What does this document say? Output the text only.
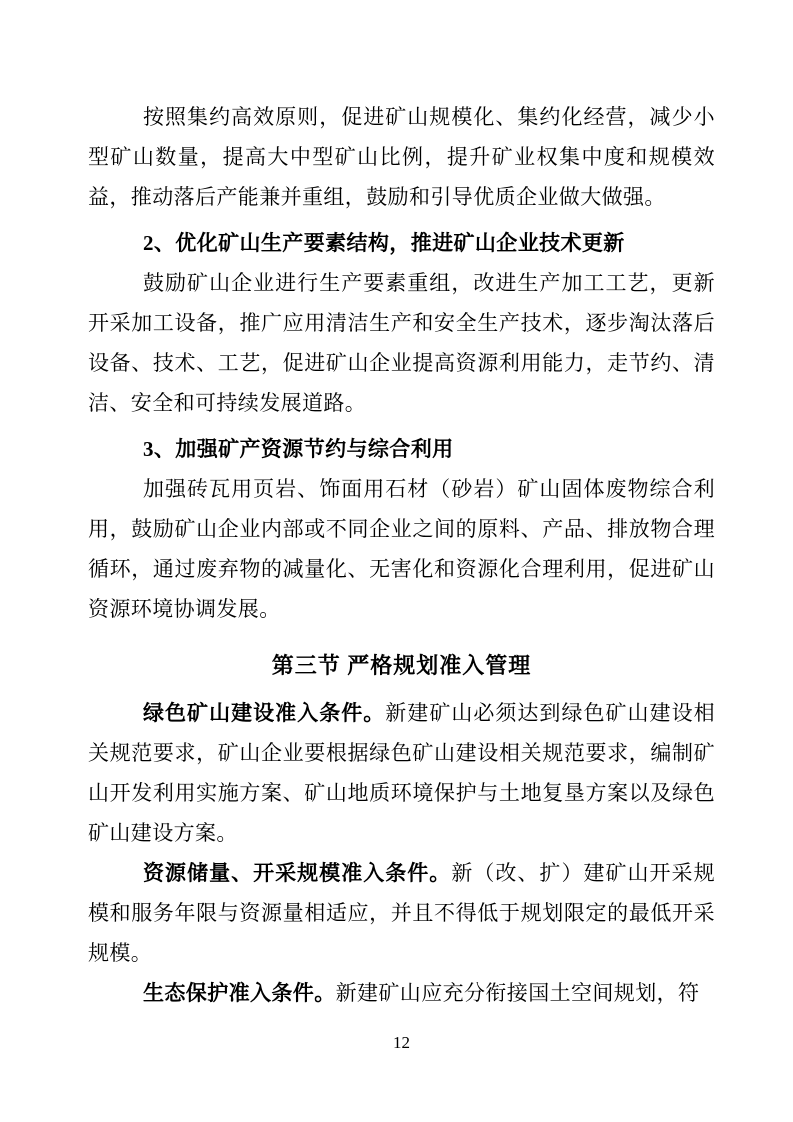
按照集约高效原则，促进矿山规模化、集约化经营，减少小型矿山数量，提高大中型矿山比例，提升矿业权集中度和规模效益，推动落后产能兼并重组，鼓励和引导优质企业做大做强。

2、优化矿山生产要素结构，推进矿山企业技术更新

鼓励矿山企业进行生产要素重组，改进生产加工工艺，更新开采加工设备，推广应用清洁生产和安全生产技术，逐步淘汰落后设备、技术、工艺，促进矿山企业提高资源利用能力，走节约、清洁、安全和可持续发展道路。

3、加强矿产资源节约与综合利用

加强砖瓦用页岩、饰面用石材（砂岩）矿山固体废物综合利用，鼓励矿山企业内部或不同企业之间的原料、产品、排放物合理循环，通过废弃物的减量化、无害化和资源化合理利用，促进矿山资源环境协调发展。

第三节 严格规划准入管理

绿色矿山建设准入条件。新建矿山必须达到绿色矿山建设相关规范要求，矿山企业要根据绿色矿山建设相关规范要求，编制矿山开发利用实施方案、矿山地质环境保护与土地复垦方案以及绿色矿山建设方案。

资源储量、开采规模准入条件。新（改、扩）建矿山开采规模和服务年限与资源量相适应，并且不得低于规划限定的最低开采规模。

生态保护准入条件。新建矿山应充分衔接国土空间规划，符

12
